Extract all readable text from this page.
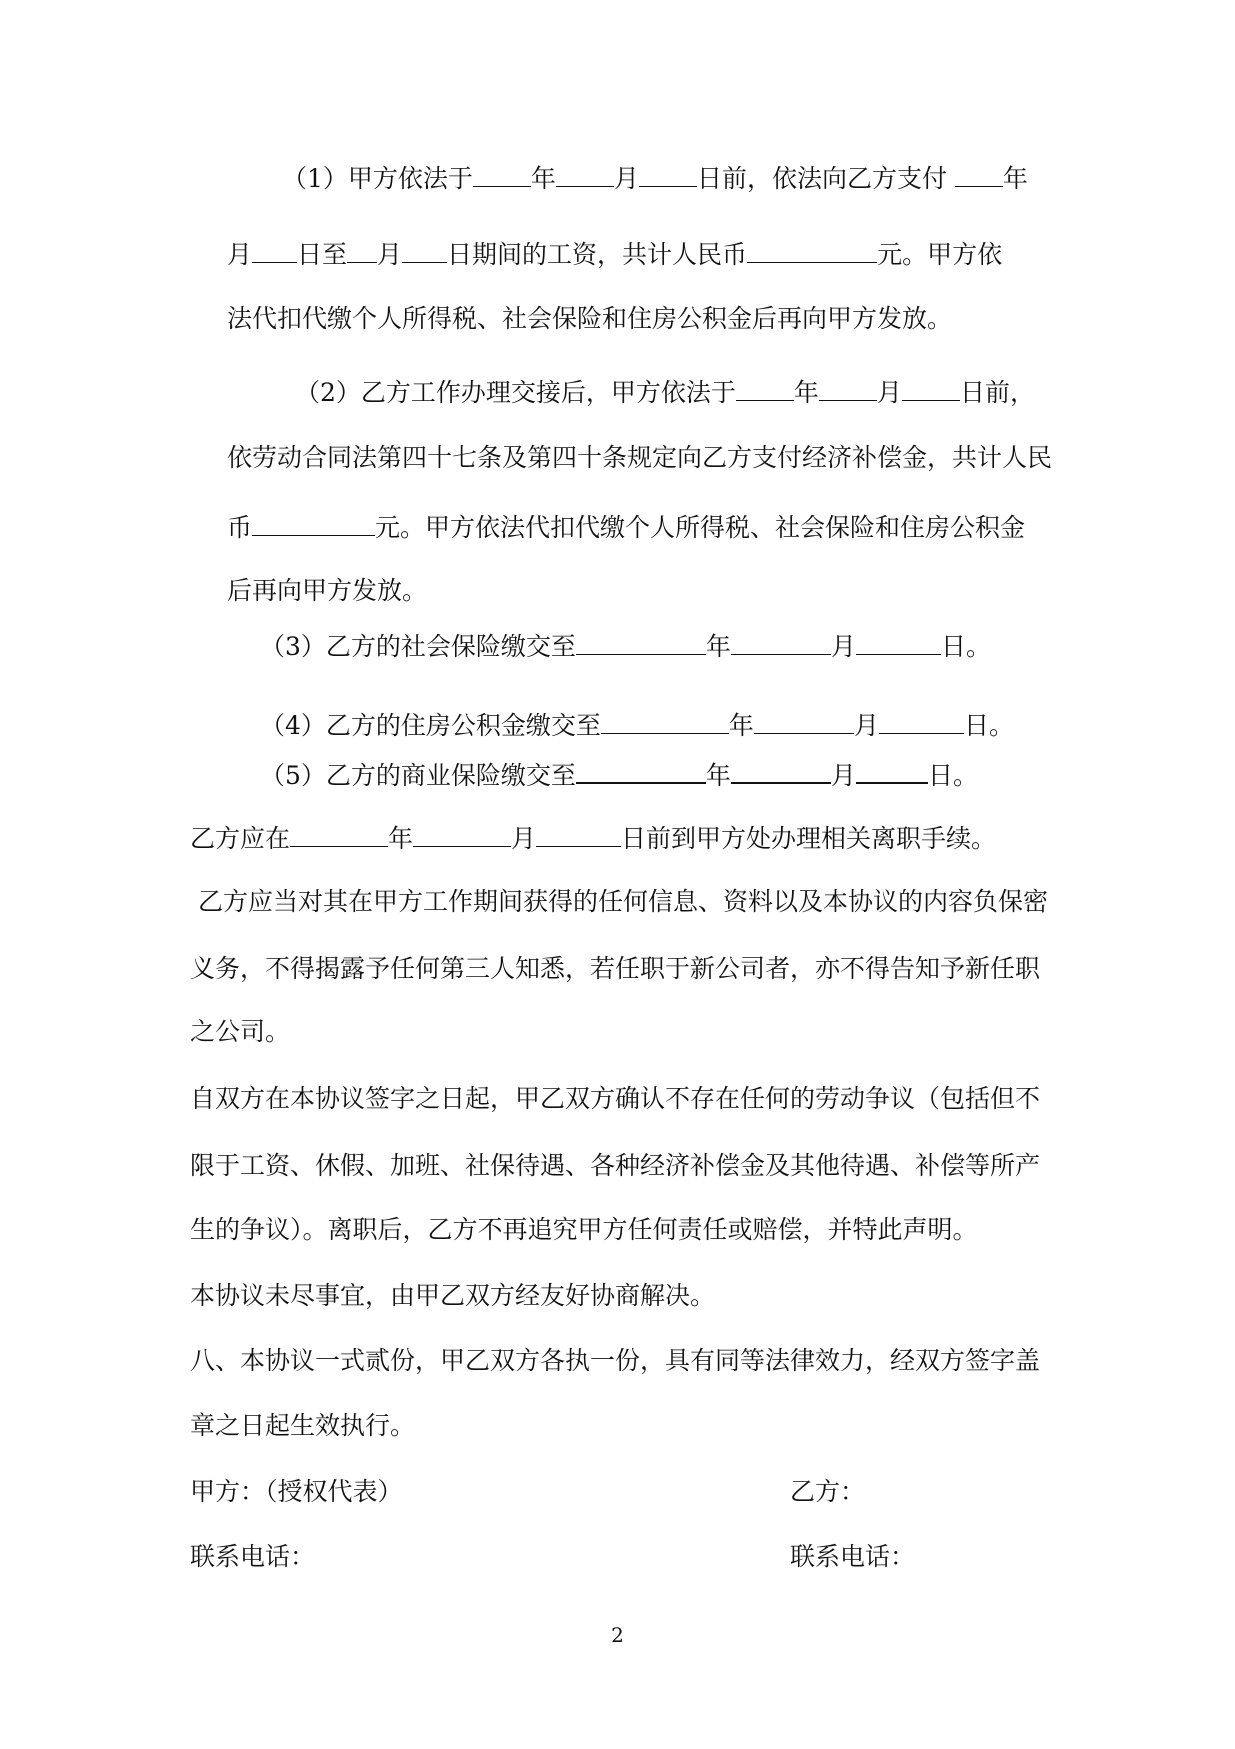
（1）甲方依法于 年 月 日前，依法向乙方支付 年
月 日至 月 日期间的工资，共计人民币	元。甲方依
法代扣代缴个人所得税、社会保险和住房公积金后再向甲方发放。
（2）乙方工作办理交接后，甲方依法于 年 月 日前，
依劳动合同法第四十七条及第四十条规定向乙方支付经济补偿金，共计人民
币	元。甲方依法代扣代缴个人所得税、社会保险和住房公积金
后再向甲方发放。
（3）乙方的社会保险缴交至	年	月	日。
（4）乙方的住房公积金缴交至	年	月	日。
（5）乙方的商业保险缴交至	年	月	日。
乙方应在	年	月	日前到甲方处办理相关离职手续。
乙方应当对其在甲方工作期间获得的任何信息、资料以及本协议的内容负保密
义务，不得揭露予任何第三人知悉，若任职于新公司者，亦不得告知予新任职
之公司。
自双方在本协议签字之日起，甲乙双方确认不存在任何的劳动争议（包括但不
限于工资、休假、加班、社保待遇、各种经济补偿金及其他待遇、补偿等所产
生的争议）。离职后，乙方不再追究甲方任何责任或赔偿，并特此声明。
本协议未尽事宜，由甲乙双方经友好协商解决。
八、本协议一式贰份，甲乙双方各执一份，具有同等法律效力，经双方签字盖
章之日起生效执行。
甲方：（授权代表）	乙方：
联系电话：	联系电话：
2
